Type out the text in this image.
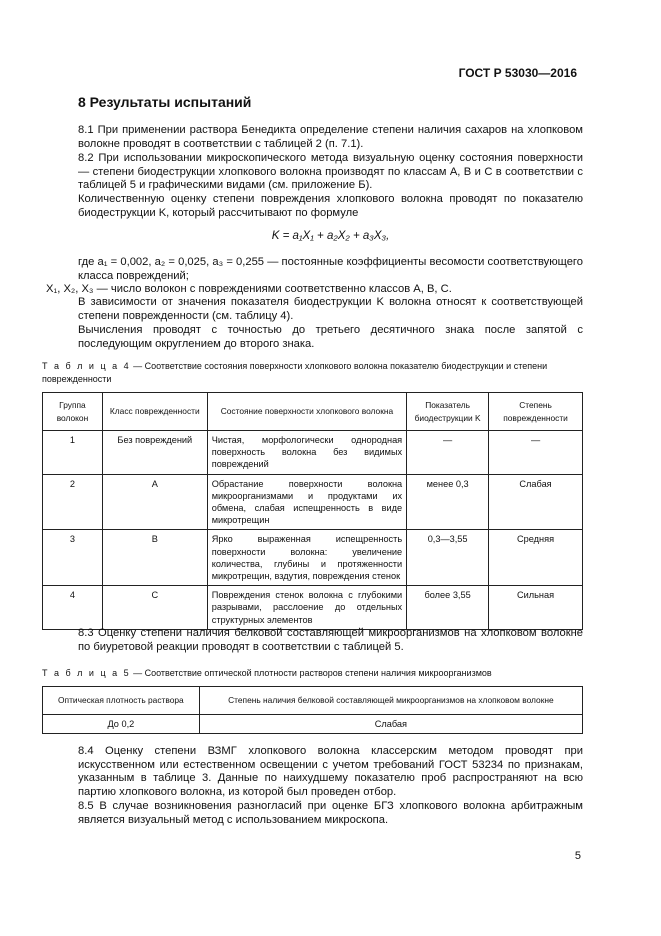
ГОСТ Р 53030—2016
8 Результаты испытаний
8.1 При применении раствора Бенедикта определение степени наличия сахаров на хлопковом волокне проводят в соответствии с таблицей 2 (п. 7.1).
8.2 При использовании микроскопического метода визуальную оценку состояния поверхности — степени биодеструкции хлопкового волокна производят по классам А, В и С в соответствии с таблицей 5 и графическими видами (см. приложение Б).
Количественную оценку степени повреждения хлопкового волокна проводят по показателю биодеструкции K, который рассчитывают по формуле
K = a₁X₁ + a₂X₂ + a₃X₃,
где a₁ = 0,002, a₂ = 0,025, a₃ = 0,255 — постоянные коэффициенты весомости соответствующего класса повреждений;
X₁, X₂, X₃ — число волокон с повреждениями соответственно классов А, В, С.
В зависимости от значения показателя биодеструкции K волокна относят к соответствующей степени поврежденности (см. таблицу 4).
Вычисления проводят с точностью до третьего десятичного знака после запятой с последующим округлением до второго знака.
Т а б л и ц а 4 — Соответствие состояния поверхности хлопкового волокна показателю биодеструкции и степени поврежденности
Группа волокон	Класс поврежденности	Состояние поверхности хлопкового волокна	Показатель биодеструкции K	Степень поврежденности
1	Без повреждений	Чистая, морфологически однородная поверхность волокна без видимых повреждений	—	—
2	А	Обрастание поверхности волокна микроорганизмами и продуктами их обмена, слабая испещренность в виде микротрещин	менее 0,3	Слабая
3	В	Ярко выраженная испещренность поверхности волокна: увеличение количества, глубины и протяженности микротрещин, вздутия, повреждения стенок	0,3—3,55	Средняя
4	С	Повреждения стенок волокна с глубокими разрывами, расслоение до отдельных структурных элементов	более 3,55	Сильная
8.3 Оценку степени наличия белковой составляющей микроорганизмов на хлопковом волокне по биуретовой реакции проводят в соответствии с таблицей 5.
Т а б л и ц а 5 — Соответствие оптической плотности растворов степени наличия микроорганизмов
Оптическая плотность раствора	Степень наличия белковой составляющей микроорганизмов на хлопковом волокне
До 0,2	Слабая
8.4 Оценку степени ВЗМГ хлопкового волокна классерским методом проводят при искусственном или естественном освещении с учетом требований ГОСТ 53234 по признакам, указанным в таблице 3. Данные по наихудшему показателю проб распространяют на всю партию хлопкового волокна, из которой был проведен отбор.
8.5 В случае возникновения разногласий при оценке БГЗ хлопкового волокна арбитражным является визуальный метод с использованием микроскопа.
5
